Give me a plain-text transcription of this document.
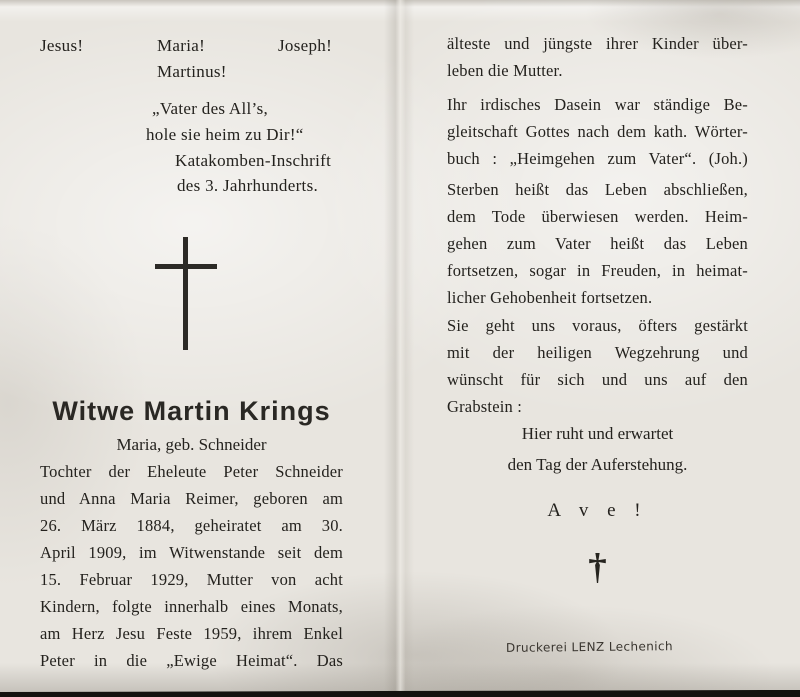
Jesus!	Maria!	Joseph!
Martinus!
„Vater des All’s,
hole sie heim zu Dir!“
Katakomben-Inschrift
des 3. Jahrhunderts.
Witwe Martin Krings
Maria, geb. Schneider
Tochter der Eheleute Peter Schneider
und Anna Maria Reimer, geboren am
26. März 1884, geheiratet am 30.
April 1909, im Witwenstande seit dem
15. Februar 1929, Mutter von acht
Kindern, folgte innerhalb eines Monats,
am Herz Jesu Feste 1959, ihrem Enkel
Peter in die „Ewige Heimat“. Das
älteste und jüngste ihrer Kinder über-
leben die Mutter.
Ihr irdisches Dasein war ständige Be-
gleitschaft Gottes nach dem kath. Wörter-
buch : „Heimgehen zum Vater“. (Joh.)
Sterben heißt das Leben abschließen,
dem Tode überwiesen werden. Heim-
gehen zum Vater heißt das Leben
fortsetzen, sogar in Freuden, in heimat-
licher Gehobenheit fortsetzen.
Sie geht uns voraus, öfters gestärkt
mit der heiligen Wegzehrung und
wünscht für sich und uns auf den
Grabstein :
Hier ruht und erwartet
den Tag der Auferstehung.
A v e !
†
Druckerei LENZ Lechenich
